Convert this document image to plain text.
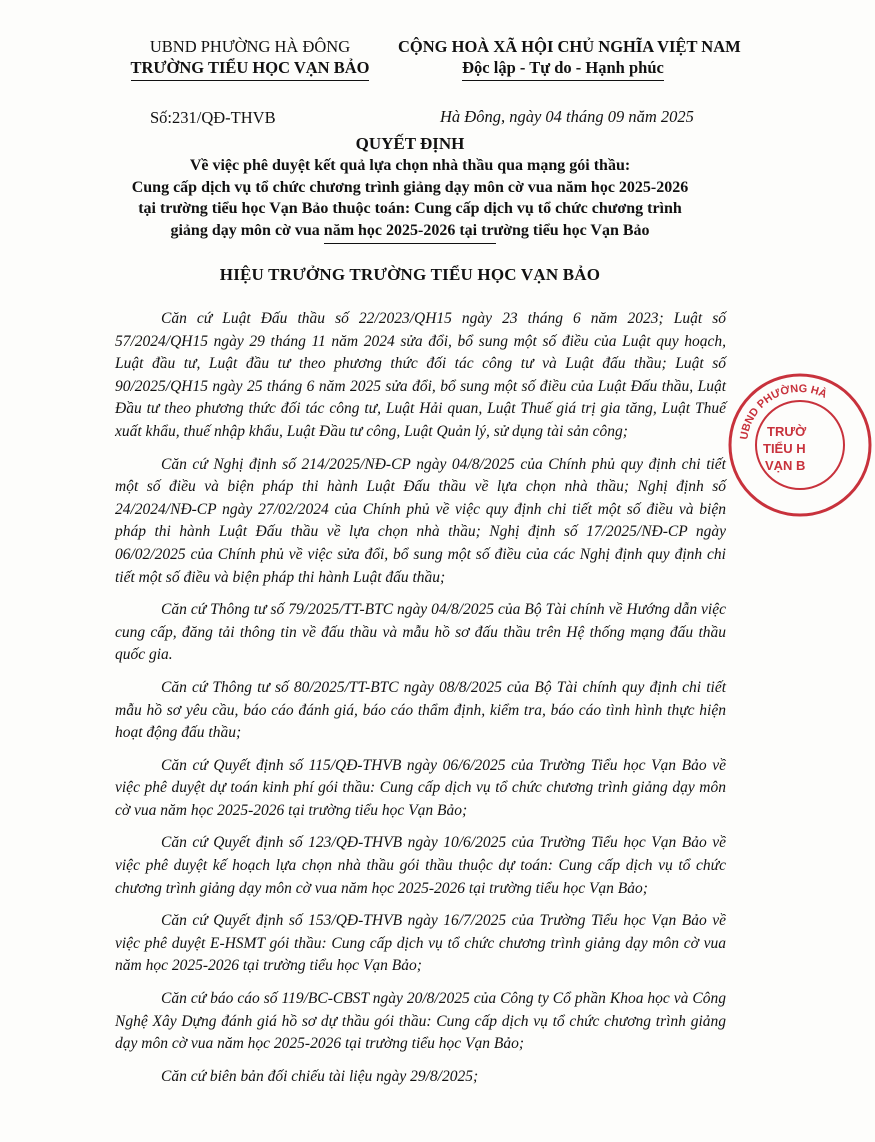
UBND PHƯỜNG HÀ ĐÔNG
TRƯỜNG TIỂU HỌC VẠN BẢO
CỘNG HOÀ XÃ HỘI CHỦ NGHĨA VIỆT NAM
Độc lập - Tự do - Hạnh phúc
Số:231/QĐ-THVB	Hà Đông, ngày 04 tháng 09 năm 2025
QUYẾT ĐỊNH
Về việc phê duyệt kết quả lựa chọn nhà thầu qua mạng gói thầu:
Cung cấp dịch vụ tổ chức chương trình giảng dạy môn cờ vua năm học 2025-2026
tại trường tiểu học Vạn Bảo thuộc toán: Cung cấp dịch vụ tổ chức chương trình
giảng dạy môn cờ vua năm học 2025-2026 tại trường tiểu học Vạn Bảo
HIỆU TRƯỞNG TRƯỜNG TIỂU HỌC VẠN BẢO

Căn cứ Luật Đấu thầu số 22/2023/QH15 ngày 23 tháng 6 năm 2023; Luật số 57/2024/QH15 ngày 29 tháng 11 năm 2024 sửa đổi, bổ sung một số điều của Luật quy hoạch, Luật đầu tư, Luật đầu tư theo phương thức đối tác công tư và Luật đấu thầu; Luật số 90/2025/QH15 ngày 25 tháng 6 năm 2025 sửa đổi, bổ sung một số điều của Luật Đấu thầu, Luật Đầu tư theo phương thức đối tác công tư, Luật Hải quan, Luật Thuế giá trị gia tăng, Luật Thuế xuất khẩu, thuế nhập khẩu, Luật Đầu tư công, Luật Quản lý, sử dụng tài sản công;

Căn cứ Nghị định số 214/2025/NĐ-CP ngày 04/8/2025 của Chính phủ quy định chi tiết một số điều và biện pháp thi hành Luật Đấu thầu về lựa chọn nhà thầu; Nghị định số 24/2024/NĐ-CP ngày 27/02/2024 của Chính phủ về việc quy định chi tiết một số điều và biện pháp thi hành Luật Đấu thầu về lựa chọn nhà thầu; Nghị định số 17/2025/NĐ-CP ngày 06/02/2025 của Chính phủ về việc sửa đổi, bổ sung một số điều của các Nghị định quy định chi tiết một số điều và biện pháp thi hành Luật đấu thầu;

Căn cứ Thông tư số 79/2025/TT-BTC ngày 04/8/2025 của Bộ Tài chính về Hướng dẫn việc cung cấp, đăng tải thông tin về đấu thầu và mẫu hồ sơ đấu thầu trên Hệ thống mạng đấu thầu quốc gia.

Căn cứ Thông tư số 80/2025/TT-BTC ngày 08/8/2025 của Bộ Tài chính quy định chi tiết mẫu hồ sơ yêu cầu, báo cáo đánh giá, báo cáo thẩm định, kiểm tra, báo cáo tình hình thực hiện hoạt động đấu thầu;

Căn cứ Quyết định số 115/QĐ-THVB ngày 06/6/2025 của Trường Tiểu học Vạn Bảo về việc phê duyệt dự toán kinh phí gói thầu: Cung cấp dịch vụ tổ chức chương trình giảng dạy môn cờ vua năm học 2025-2026 tại trường tiểu học Vạn Bảo;

Căn cứ Quyết định số 123/QĐ-THVB ngày 10/6/2025 của Trường Tiểu học Vạn Bảo về việc phê duyệt kế hoạch lựa chọn nhà thầu gói thầu thuộc dự toán: Cung cấp dịch vụ tổ chức chương trình giảng dạy môn cờ vua năm học 2025-2026 tại trường tiểu học Vạn Bảo;

Căn cứ Quyết định số 153/QĐ-THVB ngày 16/7/2025 của Trường Tiểu học Vạn Bảo về việc phê duyệt E-HSMT gói thầu: Cung cấp dịch vụ tổ chức chương trình giảng dạy môn cờ vua năm học 2025-2026 tại trường tiểu học Vạn Bảo;

Căn cứ báo cáo số 119/BC-CBST ngày 20/8/2025 của Công ty Cổ phần Khoa học và Công Nghệ Xây Dựng đánh giá hồ sơ dự thầu gói thầu: Cung cấp dịch vụ tổ chức chương trình giảng dạy môn cờ vua năm học 2025-2026 tại trường tiểu học Vạn Bảo;

Căn cứ biên bản đối chiếu tài liệu ngày 29/8/2025;

UBND PHƯỜNG HÀ
TRƯỜ
TIỂU H
VẠN B
